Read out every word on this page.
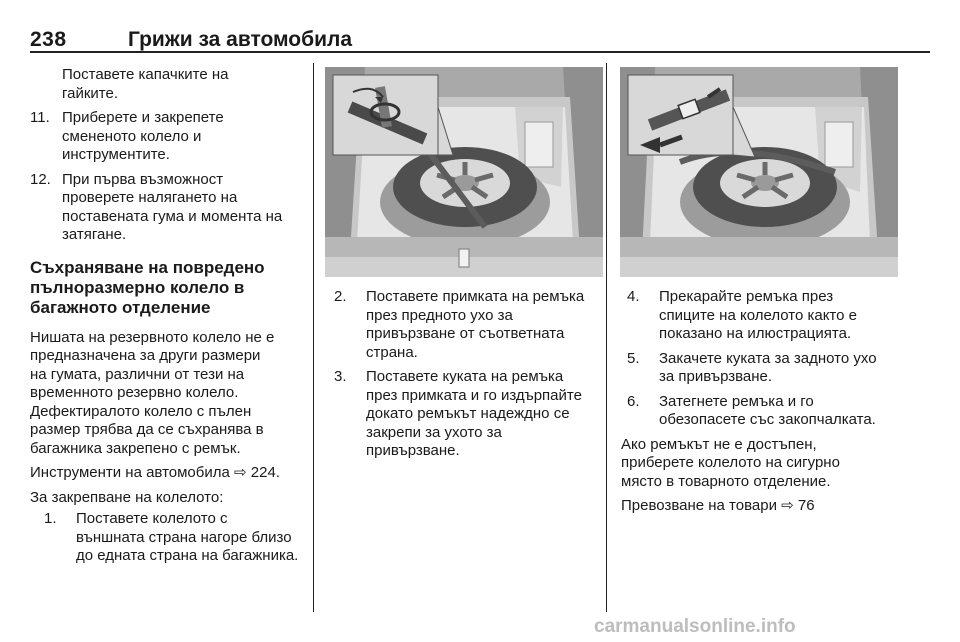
238	Грижи за автомобила

Поставете капачките на
гайките.

11. Приберете и закрепете
смененото колело и
инструментите.

12. При първа възможност
проверете налягането на
поставената гума и момента на
затягане.

Съхраняване на повредено
пълноразмерно колело в
багажното отделение

Нишата на резервното колело не е
предназначена за други размери
на гумата, различни от тези на
временното резервно колело.
Дефектиралото колело с пълен
размер трябва да се съхранява в
багажника закрепено с ремък.

Инструменти на автомобила ⇨ 224.

За закрепване на колелото:

1. Поставете колелото с
външната страна нагоре близо
до едната страна на багажника.

2. Поставете примката на ремъка
през предното ухо за
привързване от съответната
страна.

3. Поставете куката на ремъка
през примката и го издърпайте
докато ремъкът надеждно се
закрепи за ухото за
привързване.

4. Прекарайте ремъка през
спиците на колелото както е
показано на илюстрацията.

5. Закачете куката за задното ухо
за привързване.

6. Затегнете ремъка и го
обезопасете със закопчалката.

Ако ремъкът не е достъпен,
приберете колелото на сигурно
място в товарното отделение.

Превозване на товари ⇨ 76

carmanualsonline.info
